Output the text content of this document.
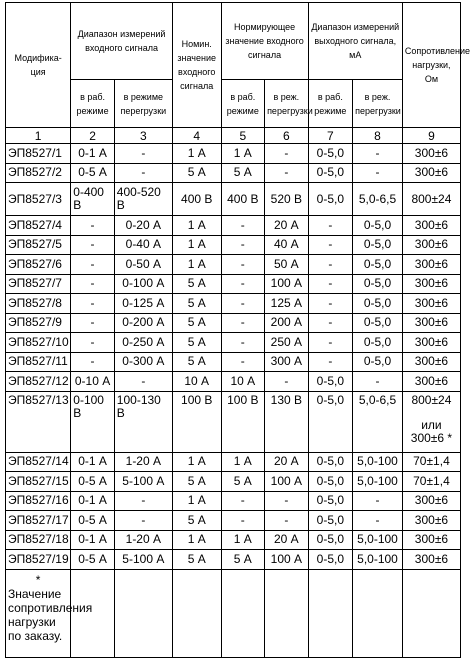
Модифика-ция	Диапазон измерений входного сигнала		Номин. значение входного сигнала	Нормирующее значение входного сигнала		Диапазон измерений выходного сигнала, мА		Сопротивление нагрузки, Ом
	в раб. режиме	в режиме перегрузки		в раб. режиме	в реж. перегрузки	в раб. режиме	в реж. перегрузки	
1	2	3	4	5	6	7	8	9
ЭП8527/1	0-1 А	-	1 А	1 А	-	0-5,0	-	300±6
ЭП8527/2	0-5 А	-	5 А	5 А	-	0-5,0	-	300±6
ЭП8527/3	0-400 В	400-520 В	400 В	400 В	520 В	0-5,0	5,0-6,5	800±24
ЭП8527/4	-	0-20 А	1 А	-	20 А	-	0-5,0	300±6
ЭП8527/5	-	0-40 А	1 А	-	40 А	-	0-5,0	300±6
ЭП8527/6	-	0-50 А	1 А	-	50 А	-	0-5,0	300±6
ЭП8527/7	-	0-100 А	5 А	-	100 А	-	0-5,0	300±6
ЭП8527/8	-	0-125 А	5 А	-	125 А	-	0-5,0	300±6
ЭП8527/9	-	0-200 А	5 А	-	200 А	-	0-5,0	300±6
ЭП8527/10	-	0-250 А	5 А	-	250 А	-	0-5,0	300±6
ЭП8527/11	-	0-300 А	5 А	-	300 А	-	0-5,0	300±6
ЭП8527/12	0-10 А	-	10 А	10 А	-	0-5,0	-	300±6
ЭП8527/13	0-100 В	100-130 В	100 В	100 В	130 В	0-5,0	5,0-6,5	800±24
или 300±6 *

ЭП8527/14	0-1 А	1-20 А	1 А	1 А	20 А	0-5,0	5,0-100	70±1,4
ЭП8527/15	0-5 А	5-100 А	5 А	5 А	100 А	0-5,0	5,0-100	70±1,4
ЭП8527/16	0-1 А	-	1 А	-	-	0-5,0	-	300±6
ЭП8527/17	0-5 А	-	5 А	-	-	0-5,0	-	300±6
ЭП8527/18	0-1 А	1-20 А	1 А	1 А	20 А	0-5,0	5,0-100	300±6
ЭП8527/19	0-5 А	5-100 А	5 А	5 А	100 А	0-5,0	5,0-100	300±6

*
Значение сопротивления нагрузки по заказу.								
